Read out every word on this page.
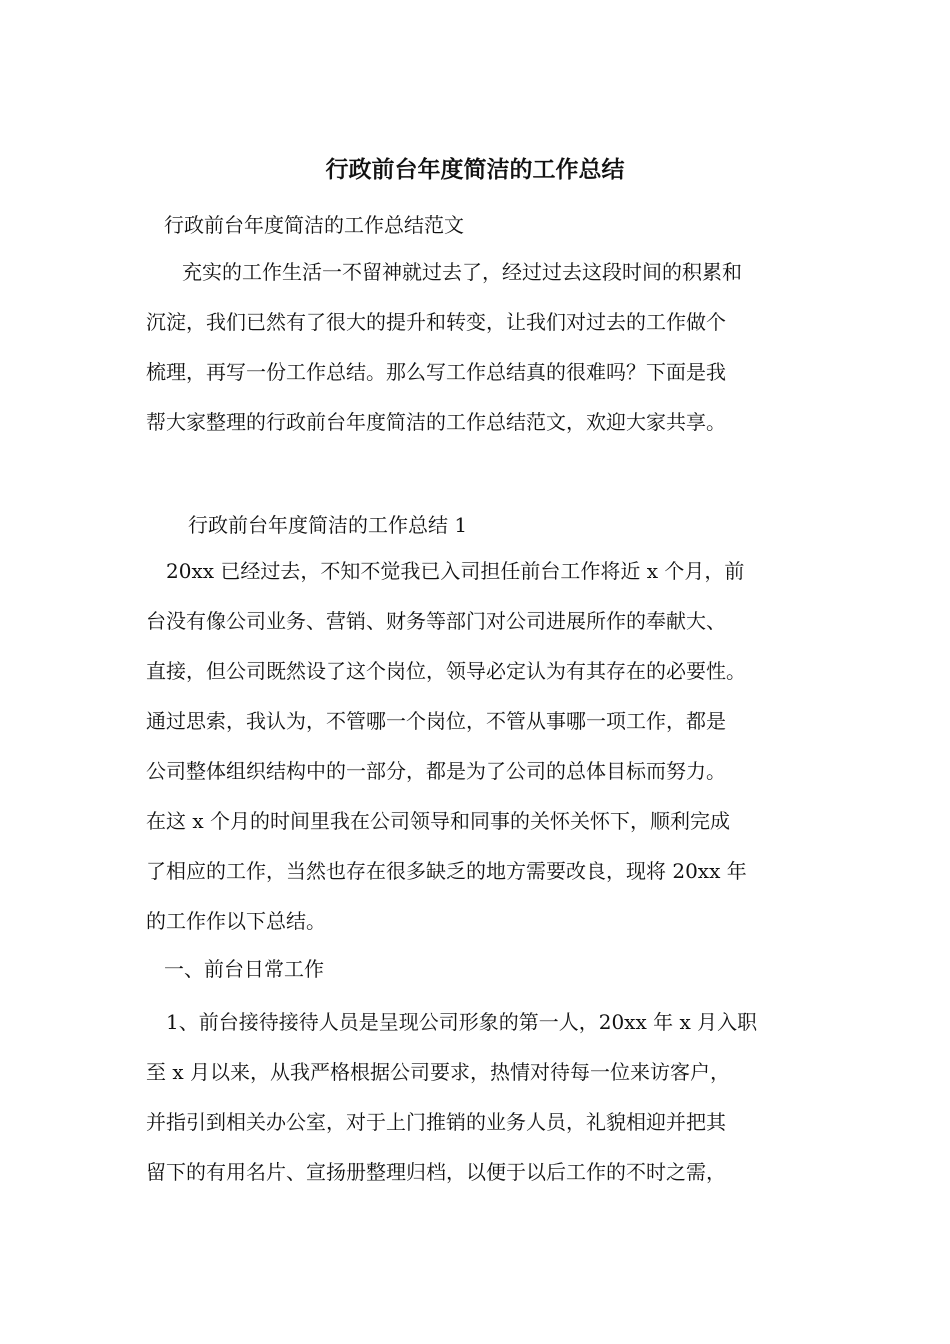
行政前台年度简洁的工作总结

行政前台年度简洁的工作总结范文

充实的工作生活一不留神就过去了，经过过去这段时间的积累和
沉淀，我们已然有了很大的提升和转变，让我们对过去的工作做个
梳理，再写一份工作总结。那么写工作总结真的很难吗？下面是我
帮大家整理的行政前台年度简洁的工作总结范文，欢迎大家共享。

行政前台年度简洁的工作总结 1

20xx 已经过去，不知不觉我已入司担任前台工作将近 x 个月，前
台没有像公司业务、营销、财务等部门对公司进展所作的奉献大、
直接，但公司既然设了这个岗位，领导必定认为有其存在的必要性。
通过思索，我认为，不管哪一个岗位，不管从事哪一项工作，都是
公司整体组织结构中的一部分，都是为了公司的总体目标而努力。
在这 x 个月的时间里我在公司领导和同事的关怀关怀下，顺利完成
了相应的工作，当然也存在很多缺乏的地方需要改良，现将 20xx 年
的工作作以下总结。

一、前台日常工作

1、前台接待接待人员是呈现公司形象的第一人，20xx 年 x 月入职
至 x 月以来，从我严格根据公司要求，热情对待每一位来访客户，
并指引到相关办公室，对于上门推销的业务人员，礼貌相迎并把其
留下的有用名片、宣扬册整理归档，以便于以后工作的不时之需，
